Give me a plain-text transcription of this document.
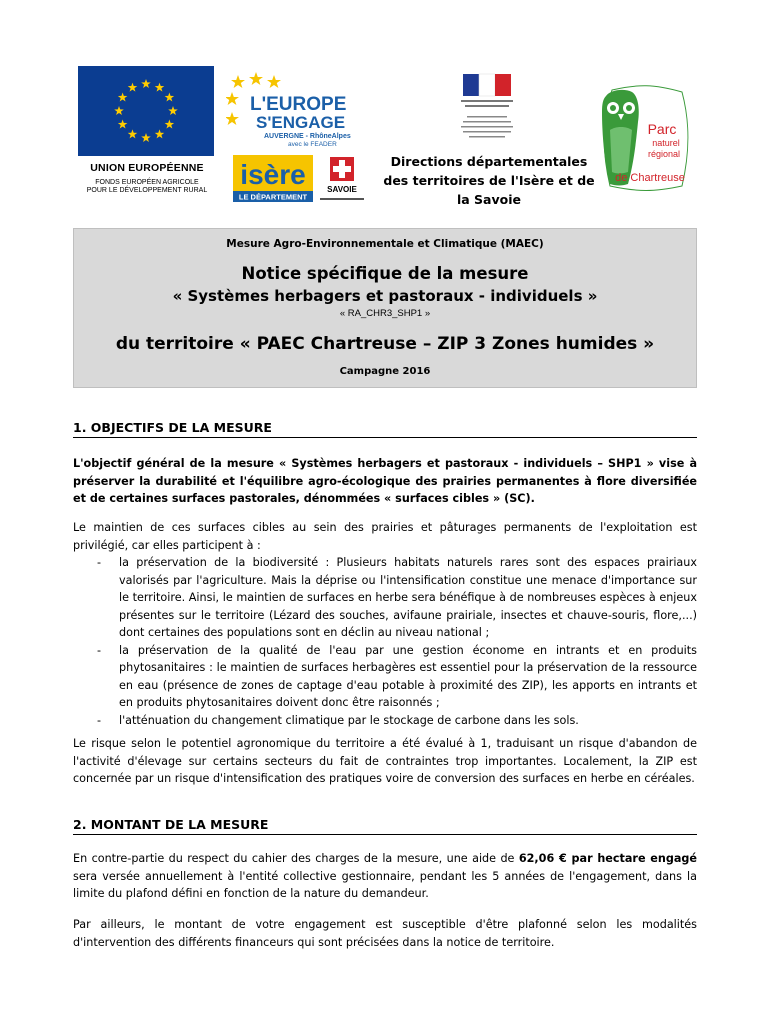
UNION EUROPÉENNE
FONDS EUROPÉEN AGRICOLE
POUR LE DÉVELOPPEMENT RURAL
L'EUROPE
S'ENGAGE
AUVERGNE - RhôneAlpes
avec le FEADER
isère
LE DÉPARTEMENT
SAVOIE
Directions départementales
des territoires de l'Isère et de
la Savoie
Parc
naturel
régional
de Chartreuse
Mesure Agro-Environnementale et Climatique (MAEC)
Notice spécifique de la mesure
« Systèmes herbagers et pastoraux - individuels »
« RA_CHR3_SHP1 »
du territoire « PAEC Chartreuse – ZIP 3 Zones humides »
Campagne 2016
1. OBJECTIFS DE LA MESURE
L'objectif général de la mesure « Systèmes herbagers et pastoraux - individuels – SHP1 » vise à préserver la durabilité et l'équilibre agro-écologique des prairies permanentes à flore diversifiée et de certaines surfaces pastorales, dénommées « surfaces cibles » (SC).
Le maintien de ces surfaces cibles au sein des prairies et pâturages permanents de l'exploitation est privilégié, car elles participent à :
- la préservation de la biodiversité : Plusieurs habitats naturels rares sont des espaces prairiaux valorisés par l'agriculture. Mais la déprise ou l'intensification constitue une menace d'importance sur le territoire. Ainsi, le maintien de surfaces en herbe sera bénéfique à de nombreuses espèces à enjeux présentes sur le territoire (Lézard des souches, avifaune prairiale, insectes et chauve-souris, flore,...) dont certaines des populations sont en déclin au niveau national ;
- la préservation de la qualité de l'eau par une gestion économe en intrants et en produits phytosanitaires : le maintien de surfaces herbagères est essentiel pour la préservation de la ressource en eau (présence de zones de captage d'eau potable à proximité des ZIP), les apports en intrants et en produits phytosanitaires doivent donc être raisonnés ;
- l'atténuation du changement climatique par le stockage de carbone dans les sols.
Le risque selon le potentiel agronomique du territoire a été évalué à 1, traduisant un risque d'abandon de l'activité d'élevage sur certains secteurs du fait de contraintes trop importantes. Localement, la ZIP est concernée par un risque d'intensification des pratiques voire de conversion des surfaces en herbe en céréales.
2. MONTANT DE LA MESURE
En contre-partie du respect du cahier des charges de la mesure, une aide de 62,06 € par hectare engagé sera versée annuellement à l'entité collective gestionnaire, pendant les 5 années de l'engagement, dans la limite du plafond défini en fonction de la nature du demandeur.
Par ailleurs, le montant de votre engagement est susceptible d'être plafonné selon les modalités d'intervention des différents financeurs qui sont précisées dans la notice de territoire.
